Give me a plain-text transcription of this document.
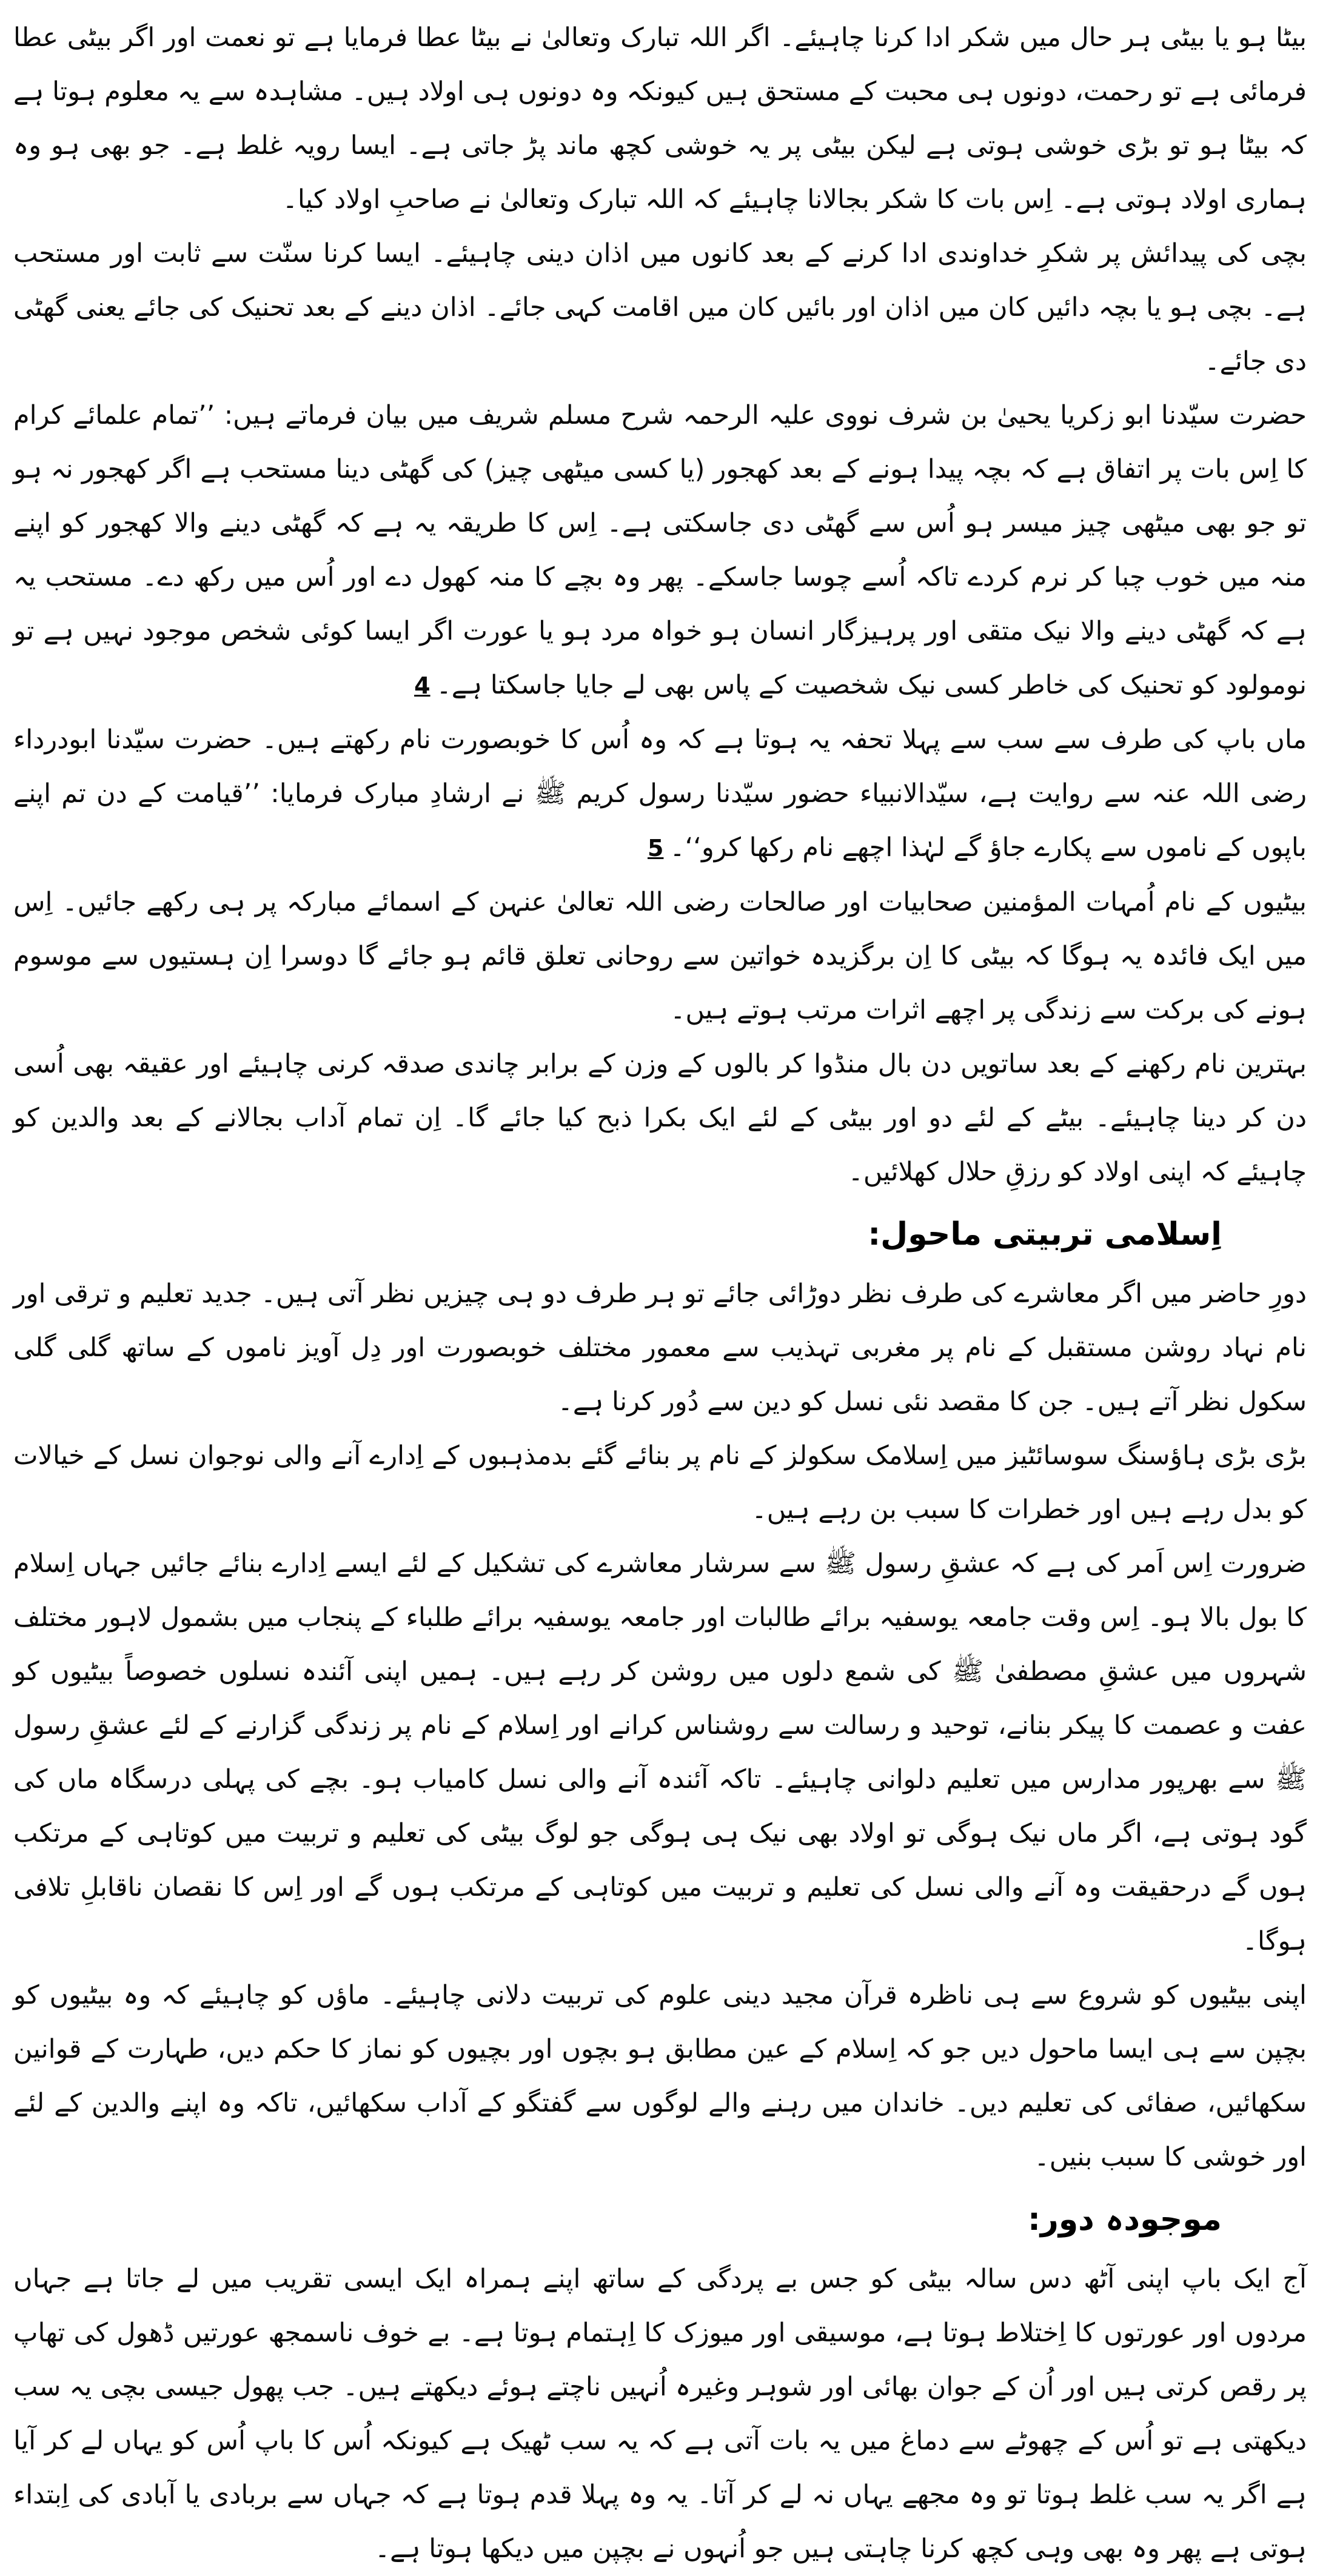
بیٹا ہو یا بیٹی ہر حال میں شکر ادا کرنا چاہیئے۔ اگر اللہ تبارک وتعالیٰ نے بیٹا عطا فرمایا ہے تو نعمت اور اگر بیٹی عطا فرمائی ہے تو رحمت، دونوں ہی محبت کے مستحق ہیں کیونکہ وہ دونوں ہی اولاد ہیں۔ مشاہدہ سے یہ معلوم ہوتا ہے کہ بیٹا ہو تو بڑی خوشی ہوتی ہے لیکن بیٹی پر یہ خوشی کچھ ماند پڑ جاتی ہے۔ ایسا رویہ غلط ہے۔ جو بھی ہو وہ ہماری اولاد ہوتی ہے۔ اِس بات کا شکر بجالانا چاہیئے کہ اللہ تبارک وتعالیٰ نے صاحبِ اولاد کیا۔
بچی کی پیدائش پر شکرِ خداوندی ادا کرنے کے بعد کانوں میں اذان دینی چاہیئے۔ ایسا کرنا سنّت سے ثابت اور مستحب ہے۔ بچی ہو یا بچہ دائیں کان میں اذان اور بائیں کان میں اقامت کہی جائے۔ اذان دینے کے بعد تحنیک کی جائے یعنی گھٹی دی جائے۔
حضرت سیّدنا ابو زکریا یحییٰ بن شرف نووی علیہ الرحمہ شرح مسلم شریف میں بیان فرماتے ہیں: ’’تمام علمائے کرام کا اِس بات پر اتفاق ہے کہ بچہ پیدا ہونے کے بعد کھجور (یا کسی میٹھی چیز) کی گھٹی دینا مستحب ہے اگر کھجور نہ ہو تو جو بھی میٹھی چیز میسر ہو اُس سے گھٹی دی جاسکتی ہے۔ اِس کا طریقہ یہ ہے کہ گھٹی دینے والا کھجور کو اپنے منہ میں خوب چبا کر نرم کردے تاکہ اُسے چوسا جاسکے۔ پھر وہ بچے کا منہ کھول دے اور اُس میں رکھ دے۔ مستحب یہ ہے کہ گھٹی دینے والا نیک متقی اور پرہیزگار انسان ہو خواہ مرد ہو یا عورت اگر ایسا کوئی شخص موجود نہیں ہے تو نومولود کو تحنیک کی خاطر کسی نیک شخصیت کے پاس بھی لے جایا جاسکتا ہے۔4
ماں باپ کی طرف سے سب سے پہلا تحفہ یہ ہوتا ہے کہ وہ اُس کا خوبصورت نام رکھتے ہیں۔ حضرت سیّدنا ابودرداء رضی اللہ عنہ سے روایت ہے، سیّدالانبیاء حضور سیّدنا رسول کریم ﷺ نے ارشادِ مبارک فرمایا: ’’قیامت کے دن تم اپنے باپوں کے ناموں سے پکارے جاؤ گے لہٰذا اچھے نام رکھا کرو‘‘۔5
بیٹیوں کے نام اُمہات المؤمنین صحابیات اور صالحات رضی اللہ تعالیٰ عنہن کے اسمائے مبارکہ پر ہی رکھے جائیں۔ اِس میں ایک فائدہ یہ ہوگا کہ بیٹی کا اِن برگزیدہ خواتین سے روحانی تعلق قائم ہو جائے گا دوسرا اِن ہستیوں سے موسوم ہونے کی برکت سے زندگی پر اچھے اثرات مرتب ہوتے ہیں۔
بہترین نام رکھنے کے بعد ساتویں دن بال منڈوا کر بالوں کے وزن کے برابر چاندی صدقہ کرنی چاہیئے اور عقیقہ بھی اُسی دن کر دینا چاہیئے۔ بیٹے کے لئے دو اور بیٹی کے لئے ایک بکرا ذبح کیا جائے گا۔ اِن تمام آداب بجالانے کے بعد والدین کو چاہیئے کہ اپنی اولاد کو رزقِ حلال کھلائیں۔
اِسلامی تربیتی ماحول:
دورِ حاضر میں اگر معاشرے کی طرف نظر دوڑائی جائے تو ہر طرف دو ہی چیزیں نظر آتی ہیں۔ جدید تعلیم و ترقی اور نام نہاد روشن مستقبل کے نام پر مغربی تہذیب سے معمور مختلف خوبصورت اور دِل آویز ناموں کے ساتھ گلی گلی سکول نظر آتے ہیں۔ جن کا مقصد نئی نسل کو دین سے دُور کرنا ہے۔
بڑی بڑی ہاؤسنگ سوسائٹیز میں اِسلامک سکولز کے نام پر بنائے گئے بدمذہبوں کے اِدارے آنے والی نوجوان نسل کے خیالات کو بدل رہے ہیں اور خطرات کا سبب بن رہے ہیں۔
ضرورت اِس اَمر کی ہے کہ عشقِ رسول ﷺ سے سرشار معاشرے کی تشکیل کے لئے ایسے اِدارے بنائے جائیں جہاں اِسلام کا بول بالا ہو۔ اِس وقت جامعہ یوسفیہ برائے طالبات اور جامعہ یوسفیہ برائے طلباء کے پنجاب میں بشمول لاہور مختلف شہروں میں عشقِ مصطفیٰ ﷺ کی شمع دلوں میں روشن کر رہے ہیں۔ ہمیں اپنی آئندہ نسلوں خصوصاً بیٹیوں کو عفت و عصمت کا پیکر بنانے، توحید و رسالت سے روشناس کرانے اور اِسلام کے نام پر زندگی گزارنے کے لئے عشقِ رسول ﷺ سے بھرپور مدارس میں تعلیم دلوانی چاہیئے۔ تاکہ آئندہ آنے والی نسل کامیاب ہو۔ بچے کی پہلی درسگاہ ماں کی گود ہوتی ہے، اگر ماں نیک ہوگی تو اولاد بھی نیک ہی ہوگی جو لوگ بیٹی کی تعلیم و تربیت میں کوتاہی کے مرتکب ہوں گے درحقیقت وہ آنے والی نسل کی تعلیم و تربیت میں کوتاہی کے مرتکب ہوں گے اور اِس کا نقصان ناقابلِ تلافی ہوگا۔
اپنی بیٹیوں کو شروع سے ہی ناظرہ قرآن مجید دینی علوم کی تربیت دلانی چاہیئے۔ ماؤں کو چاہیئے کہ وہ بیٹیوں کو بچپن سے ہی ایسا ماحول دیں جو کہ اِسلام کے عین مطابق ہو بچوں اور بچیوں کو نماز کا حکم دیں، طہارت کے قوانین سکھائیں، صفائی کی تعلیم دیں۔ خاندان میں رہنے والے لوگوں سے گفتگو کے آداب سکھائیں، تاکہ وہ اپنے والدین کے لئے اور خوشی کا سبب بنیں۔
موجودہ دور:
آج ایک باپ اپنی آٹھ دس سالہ بیٹی کو جس بے پردگی کے ساتھ اپنے ہمراہ ایک ایسی تقریب میں لے جاتا ہے جہاں مردوں اور عورتوں کا اِختلاط ہوتا ہے، موسیقی اور میوزک کا اِہتمام ہوتا ہے۔ بے خوف ناسمجھ عورتیں ڈھول کی تھاپ پر رقص کرتی ہیں اور اُن کے جوان بھائی اور شوہر وغیرہ اُنہیں ناچتے ہوئے دیکھتے ہیں۔ جب پھول جیسی بچی یہ سب دیکھتی ہے تو اُس کے چھوٹے سے دماغ میں یہ بات آتی ہے کہ یہ سب ٹھیک ہے کیونکہ اُس کا باپ اُس کو یہاں لے کر آیا ہے اگر یہ سب غلط ہوتا تو وہ مجھے یہاں نہ لے کر آتا۔ یہ وہ پہلا قدم ہوتا ہے کہ جہاں سے بربادی یا آبادی کی اِبتداء ہوتی ہے پھر وہ بھی وہی کچھ کرنا چاہتی ہیں جو اُنہوں نے بچپن میں دیکھا ہوتا ہے۔
